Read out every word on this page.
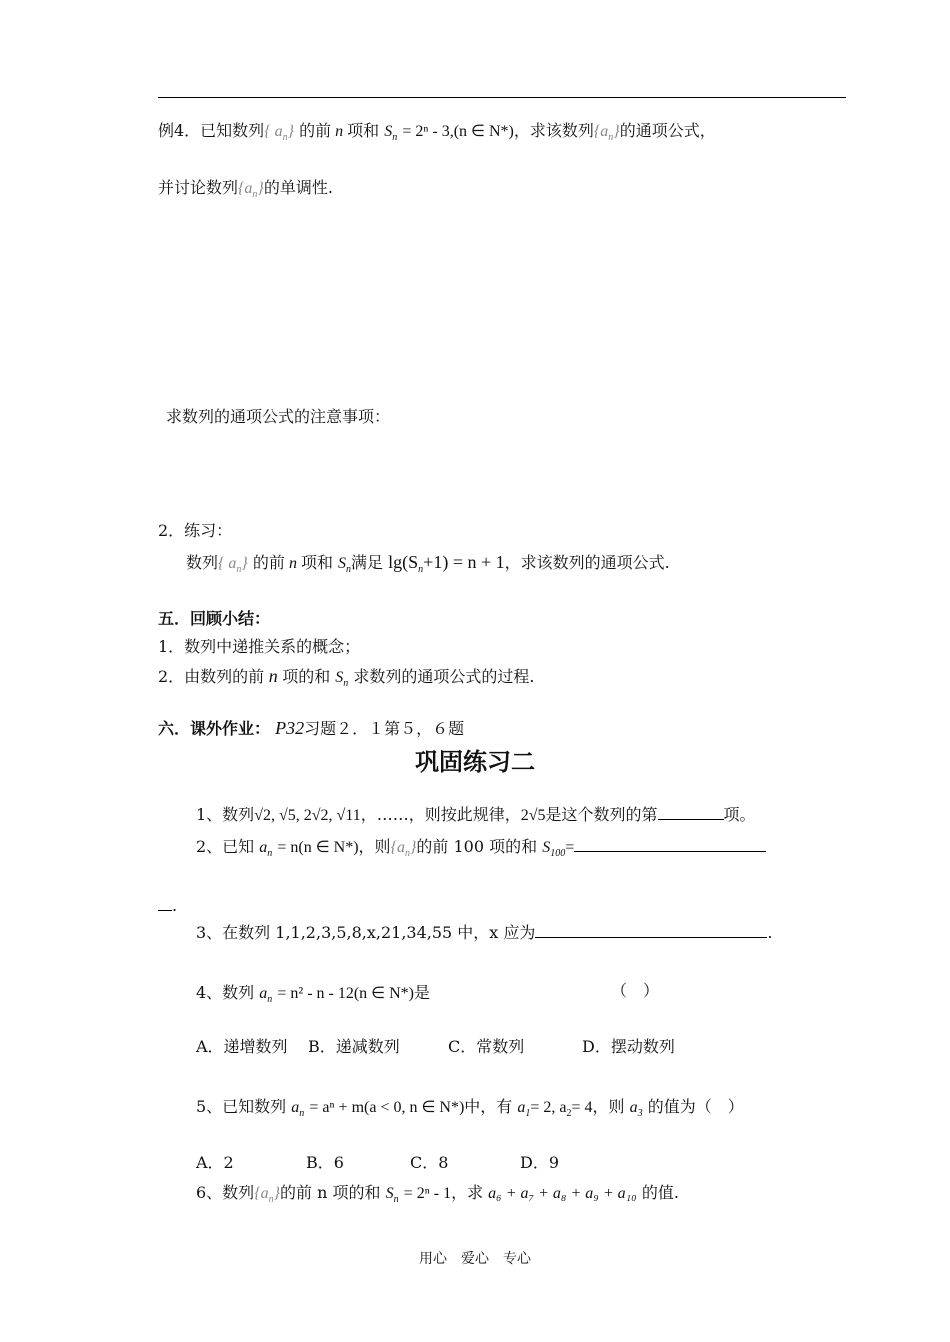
例4．已知数列{ $a_n$} 的前 n 项和 $S_n = 2^n - 3,(n$ ∈ N*)，求该数列$\{a_n\}$的通项公式，
并讨论数列$\{a_n\}$的单调性.
求数列的通项公式的注意事项：
2．练习：
数列{ $a_n$} 的前 n 项和 $S_n$满足 $\lg(S_n+1) = n + 1$，求该数列的通项公式.
五．回顾小结：
1．数列中递推关系的概念；
2．由数列的前 n 项的和 $S_n$ 求数列的通项公式的过程.
六．课外作业： P32习题２．１第５，６题
巩固练习二
1、数列√2, √5, 2√2, √11，……，则按此规律，2√5是这个数列的第	项。
2、已知 $a_n = n(n$ ∈ N*)，则$\{a_n\}$的前 100 项的和 $S_{100}=$
.
3、在数列 1,1,2,3,5,8,x,21,34,55 中，x 应为	.
4、数列 $a_n = n^2 - n - 12(n$ ∈ N*)是	（　）
A．递增数列 B．递减数列	C．常数列	D．摆动数列
5、已知数列 $a_n = a^n + m(a < 0$, n ∈ N*)中，有 $a_1= 2$, $a_2= 4$，则 $a_3$ 的值为（　）
A．2	B．6	C．8	D．9
6、数列$\{a_n\}$的前 n 项的和 $S_n = 2^n - 1$，求 a₆ + a₇ + a₈ + a₉ + a₁₀ 的值.
用心　爱心　专心
